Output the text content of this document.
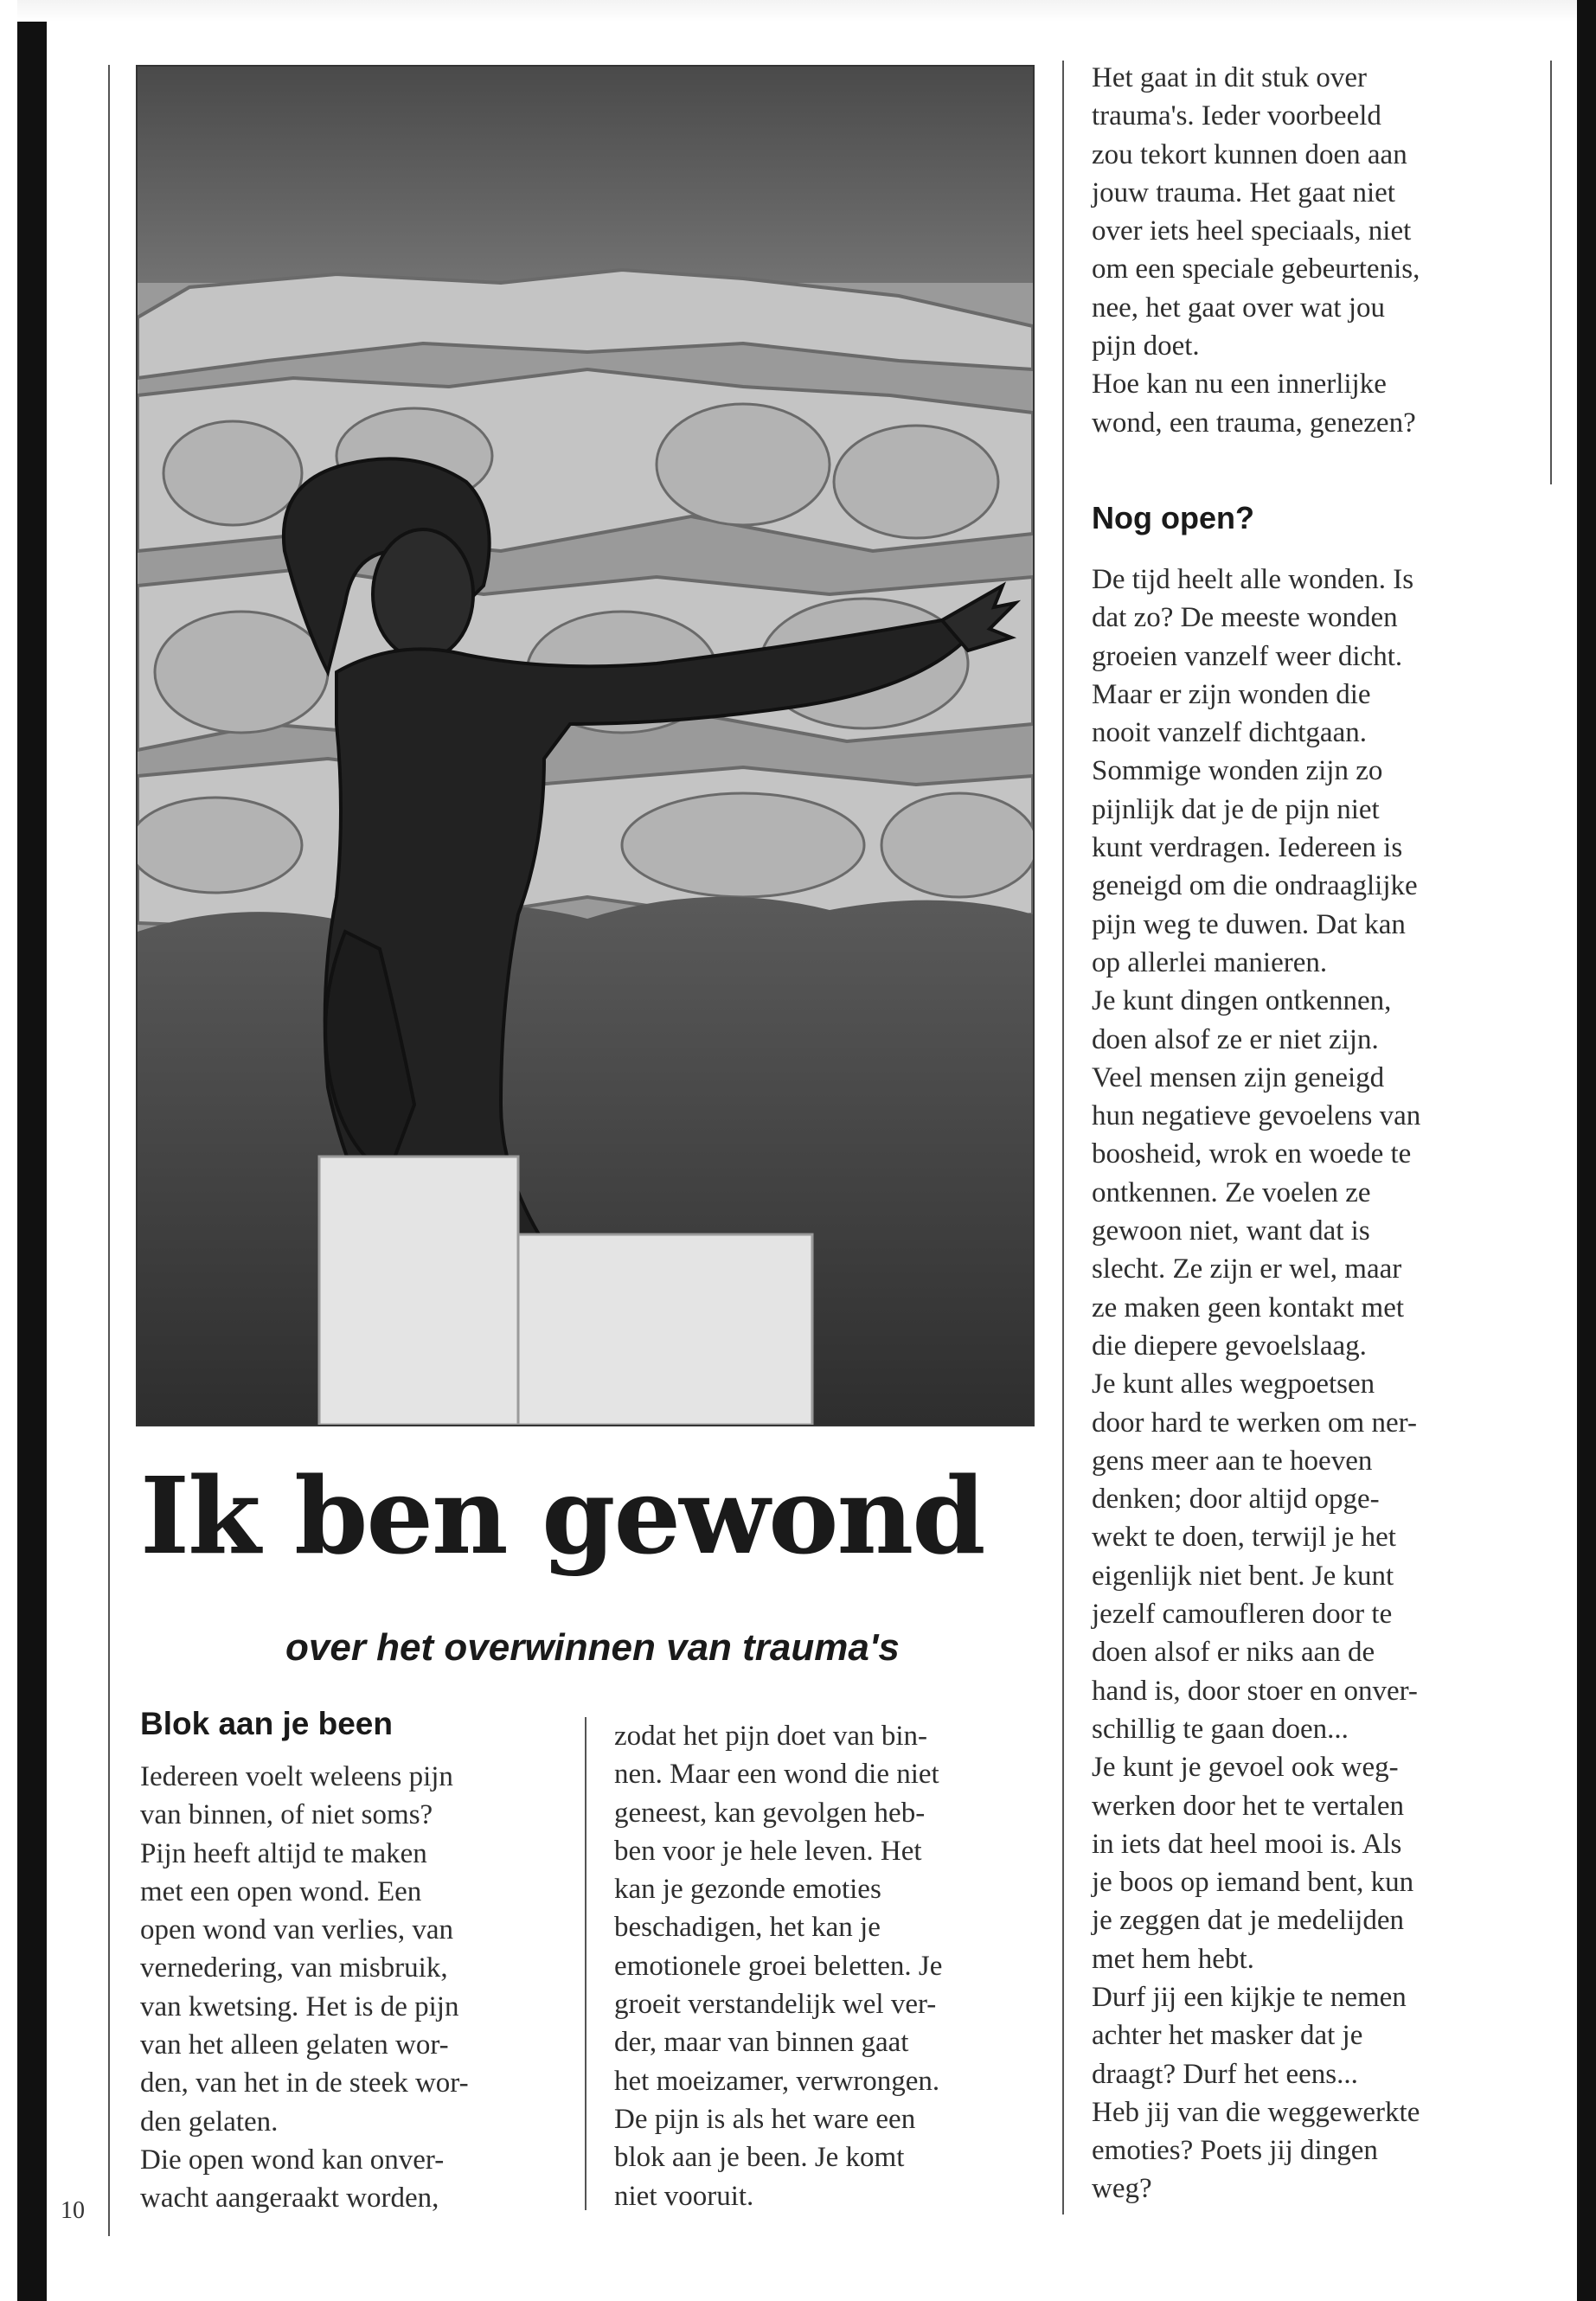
Ik ben gewond
over het overwinnen van trauma's

Het gaat in dit stuk over
trauma's. Ieder voorbeeld
zou tekort kunnen doen aan
jouw trauma. Het gaat niet
over iets heel speciaals, niet
om een speciale gebeurtenis,
nee, het gaat over wat jou
pijn doet.
Hoe kan nu een innerlijke
wond, een trauma, genezen?

Nog open?

De tijd heelt alle wonden. Is
dat zo? De meeste wonden
groeien vanzelf weer dicht.
Maar er zijn wonden die
nooit vanzelf dichtgaan.
Sommige wonden zijn zo
pijnlijk dat je de pijn niet
kunt verdragen. Iedereen is
geneigd om die ondraaglijke
pijn weg te duwen. Dat kan
op allerlei manieren.
Je kunt dingen ontkennen,
doen alsof ze er niet zijn.
Veel mensen zijn geneigd
hun negatieve gevoelens van
boosheid, wrok en woede te
ontkennen. Ze voelen ze
gewoon niet, want dat is
slecht. Ze zijn er wel, maar
ze maken geen kontakt met
die diepere gevoelslaag.
Je kunt alles wegpoetsen
door hard te werken om ner-
gens meer aan te hoeven
denken; door altijd opge-
wekt te doen, terwijl je het
eigenlijk niet bent. Je kunt
jezelf camoufleren door te
doen alsof er niks aan de
hand is, door stoer en onver-
schillig te gaan doen...
Je kunt je gevoel ook weg-
werken door het te vertalen
in iets dat heel mooi is. Als
je boos op iemand bent, kun
je zeggen dat je medelijden
met hem hebt.
Durf jij een kijkje te nemen
achter het masker dat je
draagt? Durf het eens...
Heb jij van die weggewerkte
emoties? Poets jij dingen
weg?

Blok aan je been

Iedereen voelt weleens pijn
van binnen, of niet soms?
Pijn heeft altijd te maken
met een open wond. Een
open wond van verlies, van
vernedering, van misbruik,
van kwetsing. Het is de pijn
van het alleen gelaten wor-
den, van het in de steek wor-
den gelaten.
Die open wond kan onver-
wacht aangeraakt worden,

zodat het pijn doet van bin-
nen. Maar een wond die niet
geneest, kan gevolgen heb-
ben voor je hele leven. Het
kan je gezonde emoties
beschadigen, het kan je
emotionele groei beletten. Je
groeit verstandelijk wel ver-
der, maar van binnen gaat
het moeizamer, verwrongen.
De pijn is als het ware een
blok aan je been. Je komt
niet vooruit.

10
